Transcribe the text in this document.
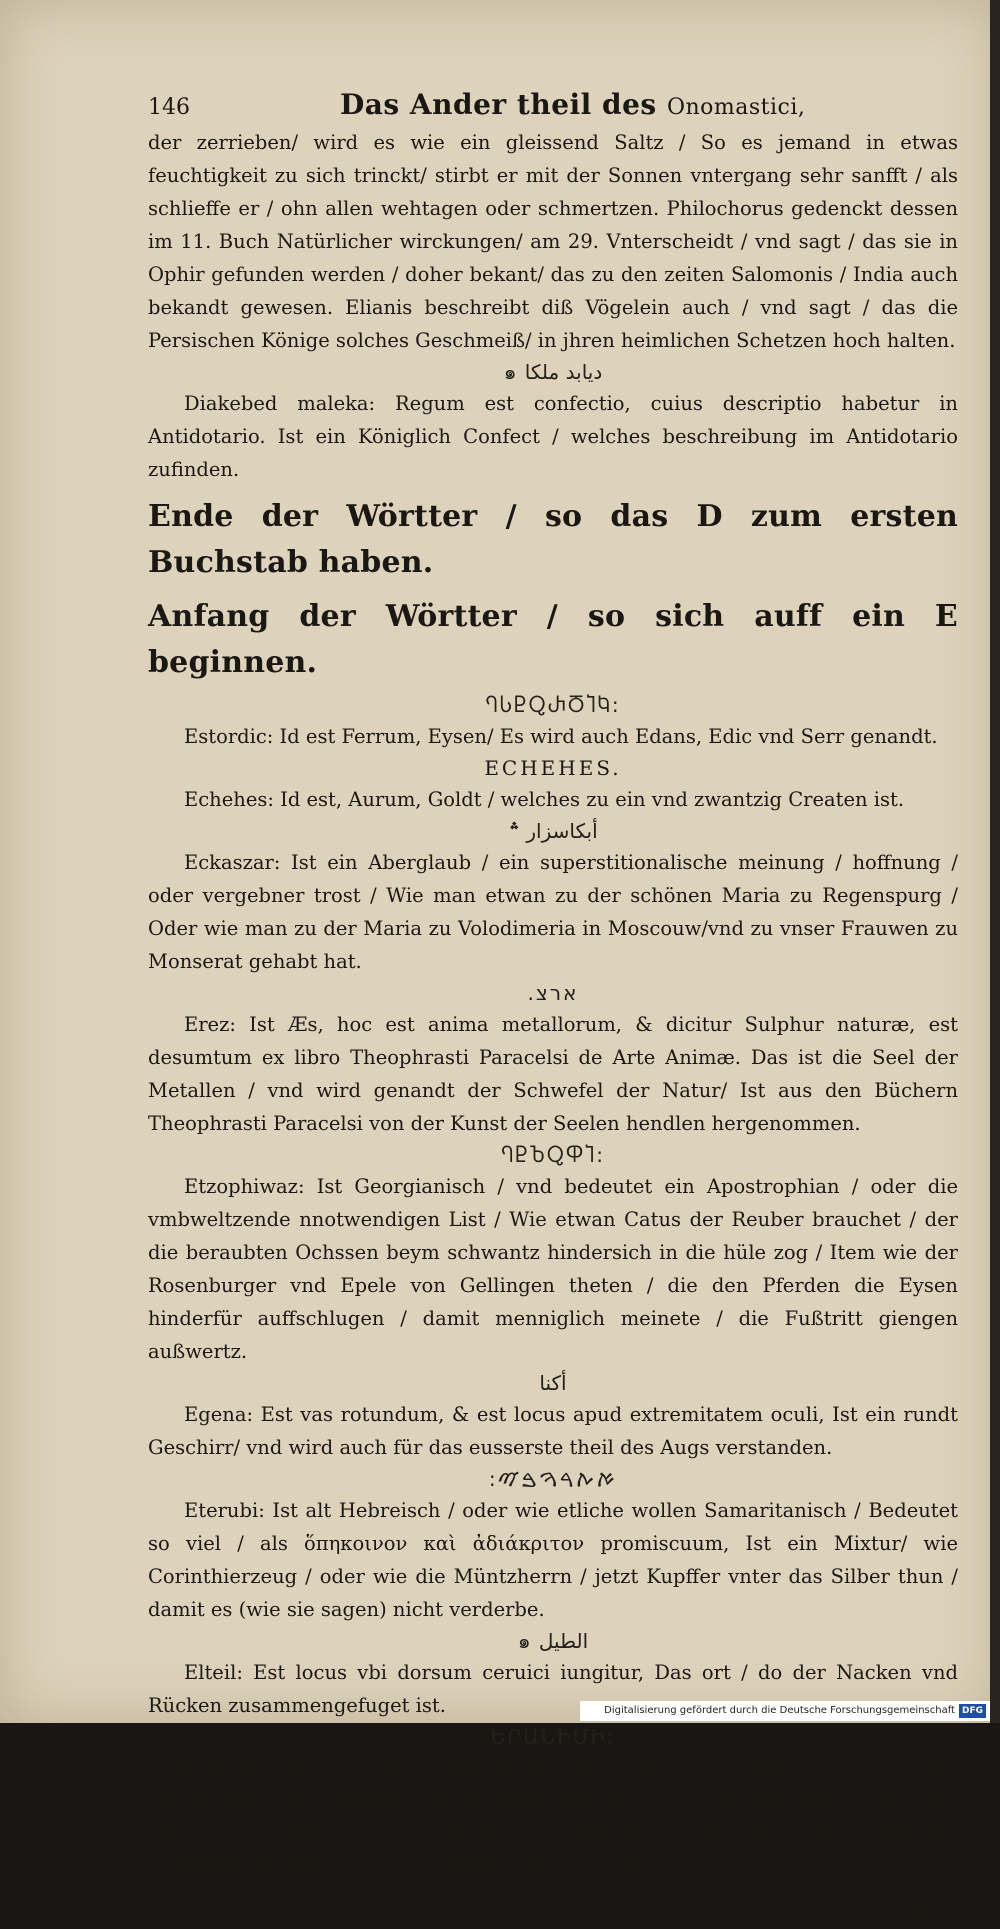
146	Das Ander theil des Onomastici,

der zerrieben/ wird es wie ein gleissend Saltz / So es jemand in etwas feuchtigkeit zu sich trinckt/ stirbt er mit der Sonnen vntergang sehr sanfft / als schlieffe er / ohn allen wehtagen oder schmertzen. Philochorus gedenckt dessen im 11. Buch Natürlicher wirckungen/ am 29. Vnterscheidt / vnd sagt / das sie in Ophir gefunden werden / doher bekant/ das zu den zeiten Salomonis / India auch bekandt gewesen. Elianis beschreibt diß Vögelein auch / vnd sagt / das die Persischen Könige solches Geschmeiß/ in jhren heimlichen Schetzen hoch halten.

ديابد ملکا ๑

Diakebed maleka: Regum est confectio, cuius descriptio habetur in Antidotario. Ist ein Königlich Confect / welches beschreibung im Antidotario zufinden.

Ende der Wörtter / so das D zum ersten Buchstab haben.
Anfang der Wörtter / so sich auff ein E beginnen.
ႤႱႲႭႰႣႨႩ:

Estordic: Id est Ferrum, Eysen/ Es wird auch Edans, Edic vnd Serr genandt.

ECHEHES.

Echehes: Id est, Aurum, Goldt / welches zu ein vnd zwantzig Createn ist.

أبكاسزار ؞

Eckaszar: Ist ein Aberglaub / ein superstitionalische meinung / hoffnung / oder vergebner trost / Wie man etwan zu der schönen Maria zu Regenspurg / Oder wie man zu der Maria zu Volodimeria in Moscouw/vnd zu vnser Frauwen zu Monserat gehabt hat.

ארצ.

Erez: Ist Æs, hoc est anima metallorum, & dicitur Sulphur naturæ, est desumtum ex libro Theophrasti Paracelsi de Arte Animæ. Das ist die Seel der Metallen / vnd wird genandt der Schwefel der Natur/ Ist aus den Büchern Theophrasti Paracelsi von der Kunst der Seelen hendlen hergenommen.

ႤႲႦႭႴႨ:

Etzophiwaz: Ist Georgianisch / vnd bedeutet ein Apostrophian / oder die vmbweltzende nnotwendigen List / Wie etwan Catus der Reuber brauchet / der die beraubten Ochssen beym schwantz hindersich in die hüle zog / Item wie der Rosenburger vnd Epele von Gellingen theten / die den Pferden die Eysen hinderfür auffschlugen / damit menniglich meinete / die Fußtritt giengen außwertz.

أكنا

Egena: Est vas rotundum, & est locus apud extremitatem oculi, Ist ein rundt Geschirr/ vnd wird auch für das eusserste theil des Augs verstanden.

:ࠀࠕࠓࠅࠁࠉ

Eterubi: Ist alt Hebreisch / oder wie etliche wollen Samaritanisch / Bedeutet so viel / als ὅπηκοινον καὶ ἀδιάκριτον promiscuum, Ist ein Mixtur/ wie Corinthierzeug / oder wie die Müntzherrn / jetzt Kupffer vnter das Silber thun / damit es (wie sie sagen) nicht verderbe.

الطيل ๑

Elteil: Est locus vbi dorsum ceruici iungitur, Das ort / do der Nacken vnd Rücken zusammengefuget ist.

ԵՐԱՆԻՄԻ:

Eranimi: Ist Armenisch / bedeut den so nach seinem Todt selig wird / Wie erstlich die Jüden / hernach die frommen Heiden / vnd jetzt mancherley Christen gerne sein wolten / vnd auch werden / Ja wann wir vns nebend vnserm Glauben / in beweisung des Nechsten / darnach halten werden.

Emazofiba,
Digitalisierung gefördert durch die Deutsche Forschungsgemeinschaft DFG
